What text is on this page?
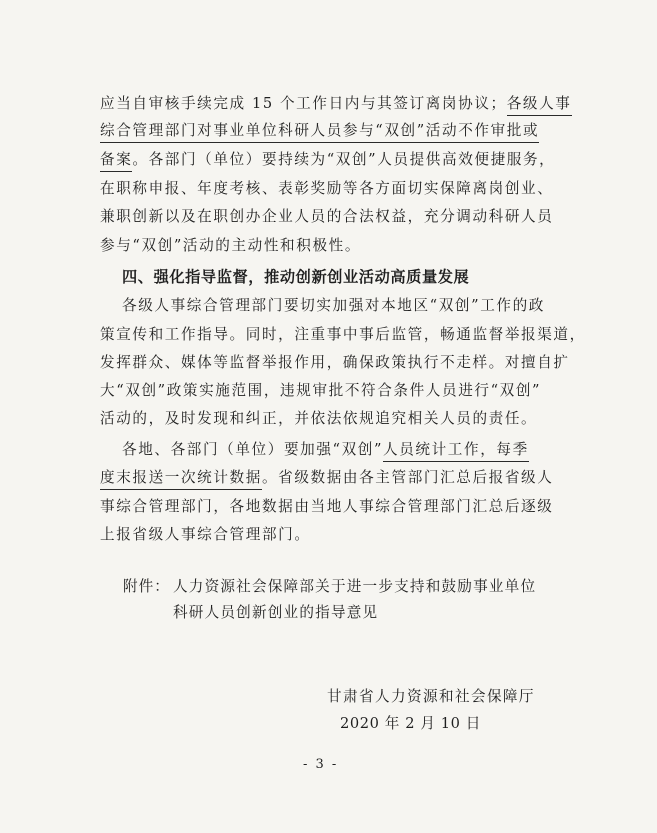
应当自审核手续完成 15 个工作日内与其签订离岗协议；各级人事
综合管理部门对事业单位科研人员参与“双创”活动不作审批或
备案。各部门（单位）要持续为“双创”人员提供高效便捷服务，
在职称申报、年度考核、表彰奖励等各方面切实保障离岗创业、
兼职创新以及在职创办企业人员的合法权益，充分调动科研人员
参与“双创”活动的主动性和积极性。
四、强化指导监督，推动创新创业活动高质量发展
各级人事综合管理部门要切实加强对本地区“双创”工作的政
策宣传和工作指导。同时，注重事中事后监管，畅通监督举报渠道，
发挥群众、媒体等监督举报作用，确保政策执行不走样。对擅自扩
大“双创”政策实施范围，违规审批不符合条件人员进行“双创”
活动的，及时发现和纠正，并依法依规追究相关人员的责任。
各地、各部门（单位）要加强“双创”人员统计工作，每季
度末报送一次统计数据。省级数据由各主管部门汇总后报省级人
事综合管理部门，各地数据由当地人事综合管理部门汇总后逐级
上报省级人事综合管理部门。
附件： 人力资源社会保障部关于进一步支持和鼓励事业单位
科研人员创新创业的指导意见
甘肃省人力资源和社会保障厅
2020 年 2 月 10 日
- 3 -
